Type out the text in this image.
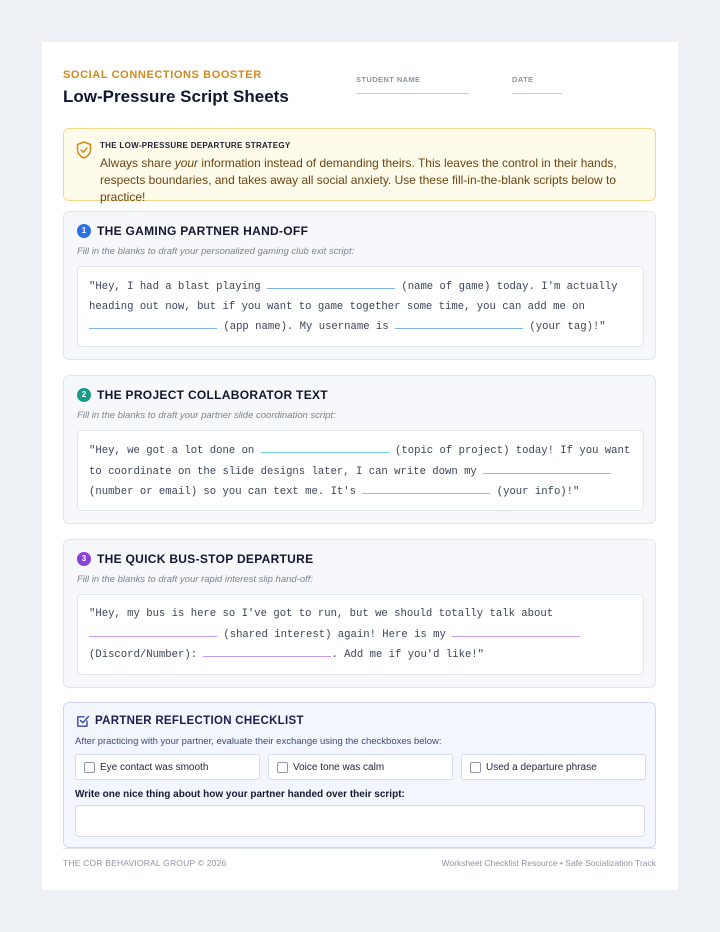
SOCIAL CONNECTIONS BOOSTER
Low-Pressure Script Sheets
STUDENT NAME	DATE
THE LOW-PRESSURE DEPARTURE STRATEGY
Always share your information instead of demanding theirs. This leaves the control in their hands, respects boundaries, and takes away all social anxiety. Use these fill-in-the-blank scripts below to practice!
1 THE GAMING PARTNER HAND-OFF
Fill in the blanks to draft your personalized gaming club exit script:
"Hey, I had a blast playing	(name of game) today. I'm actually heading out now, but if you want to game together some time, you can add me on  (app name). My username is	(your tag)!"
2 THE PROJECT COLLABORATOR TEXT
Fill in the blanks to draft your partner slide coordination script:
"Hey, we got a lot done on	(topic of project) today! If you want to coordinate on the slide designs later, I can write down my  (number or email) so you can text me. It's	(your info)!"
3 THE QUICK BUS-STOP DEPARTURE
Fill in the blanks to draft your rapid interest slip hand-off:
"Hey, my bus is here so I've got to run, but we should totally talk about  (shared interest) again! Here is my  (Discord/Number):	. Add me if you'd like!"
PARTNER REFLECTION CHECKLIST
After practicing with your partner, evaluate their exchange using the checkboxes below:
Eye contact was smooth	Voice tone was calm	Used a departure phrase
Write one nice thing about how your partner handed over their script:
THE COR BEHAVIORAL GROUP © 2026	Worksheet Checklist Resource • Safe Socialization Track
